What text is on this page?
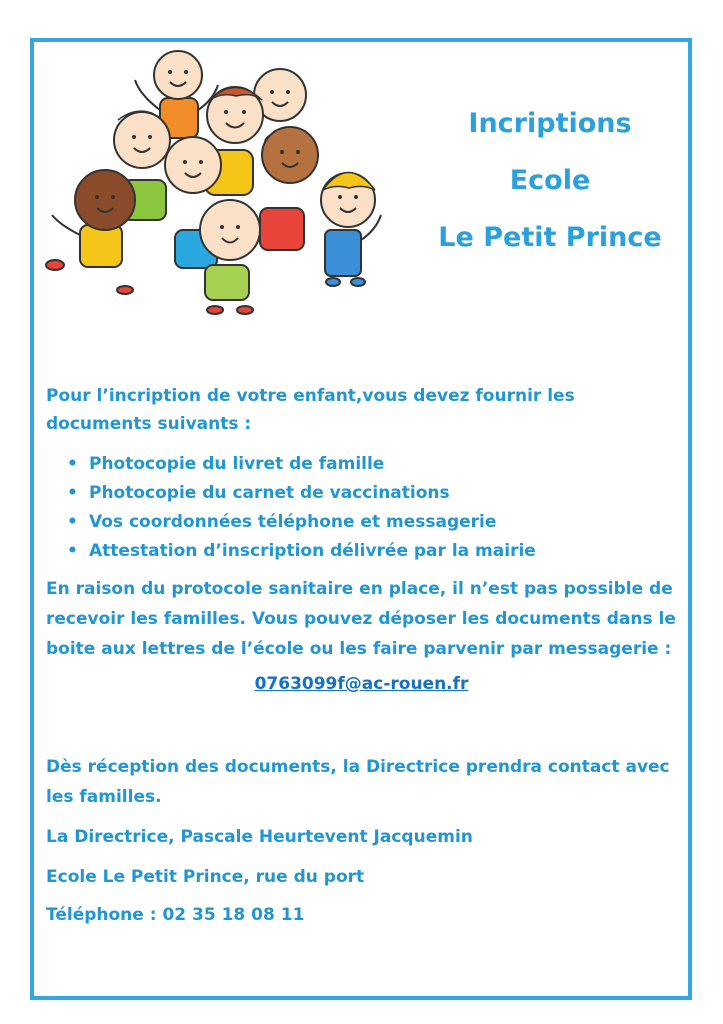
Incriptions
Ecole
Le Petit Prince
Pour l’incription de votre enfant,vous devez fournir les documents suivants :
• Photocopie du livret de famille
• Photocopie du carnet de vaccinations
• Vos coordonnées téléphone et messagerie
• Attestation d’inscription délivrée par la mairie
En raison du protocole sanitaire en place, il n’est pas possible de recevoir les familles. Vous pouvez déposer les documents dans le boite aux lettres de l’école ou les faire parvenir par messagerie :
0763099f@ac-rouen.fr
Dès réception des documents, la Directrice prendra contact avec les familles.
La Directrice, Pascale Heurtevent Jacquemin
Ecole Le Petit Prince, rue du port
Téléphone : 02 35 18 08 11
